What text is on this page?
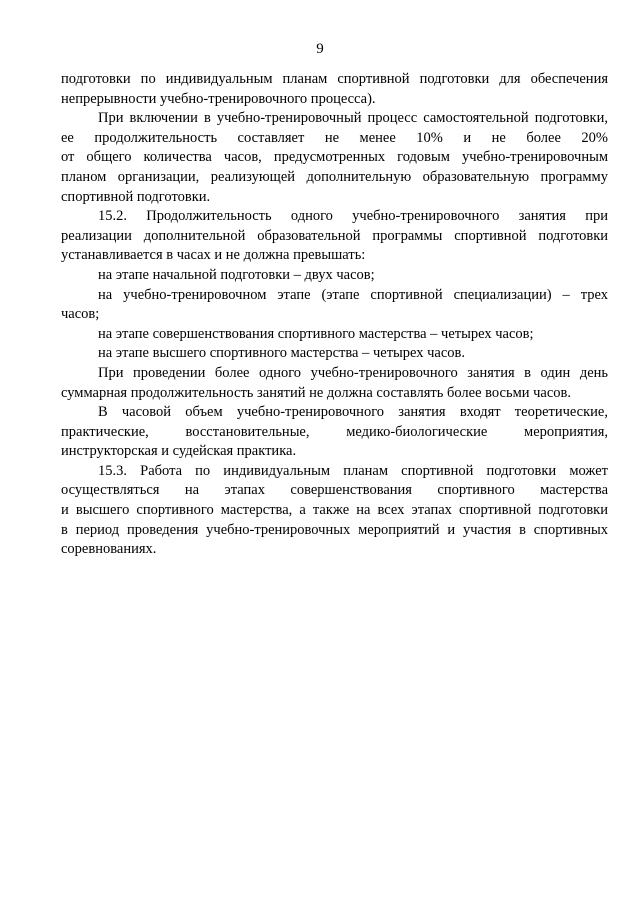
9
подготовки по индивидуальным планам спортивной подготовки для обеспечения
непрерывности учебно-тренировочного процесса).
При включении в учебно-тренировочный процесс самостоятельной подготовки,
ее продолжительность составляет не менее 10% и не более 20%
от общего количества часов, предусмотренных годовым учебно-тренировочным
планом организации, реализующей дополнительную образовательную программу
спортивной подготовки.
15.2. Продолжительность одного учебно-тренировочного занятия при
реализации дополнительной образовательной программы спортивной подготовки
устанавливается в часах и не должна превышать:
на этапе начальной подготовки – двух часов;
на учебно-тренировочном этапе (этапе спортивной специализации) – трех
часов;
на этапе совершенствования спортивного мастерства – четырех часов;
на этапе высшего спортивного мастерства – четырех часов.
При проведении более одного учебно-тренировочного занятия в один день
суммарная продолжительность занятий не должна составлять более восьми часов.
В часовой объем учебно-тренировочного занятия входят теоретические,
практические, восстановительные, медико-биологические мероприятия,
инструкторская и судейская практика.
15.3. Работа по индивидуальным планам спортивной подготовки может
осуществляться на этапах совершенствования спортивного мастерства
и высшего спортивного мастерства, а также на всех этапах спортивной подготовки
в период проведения учебно-тренировочных мероприятий и участия в спортивных
соревнованиях.
